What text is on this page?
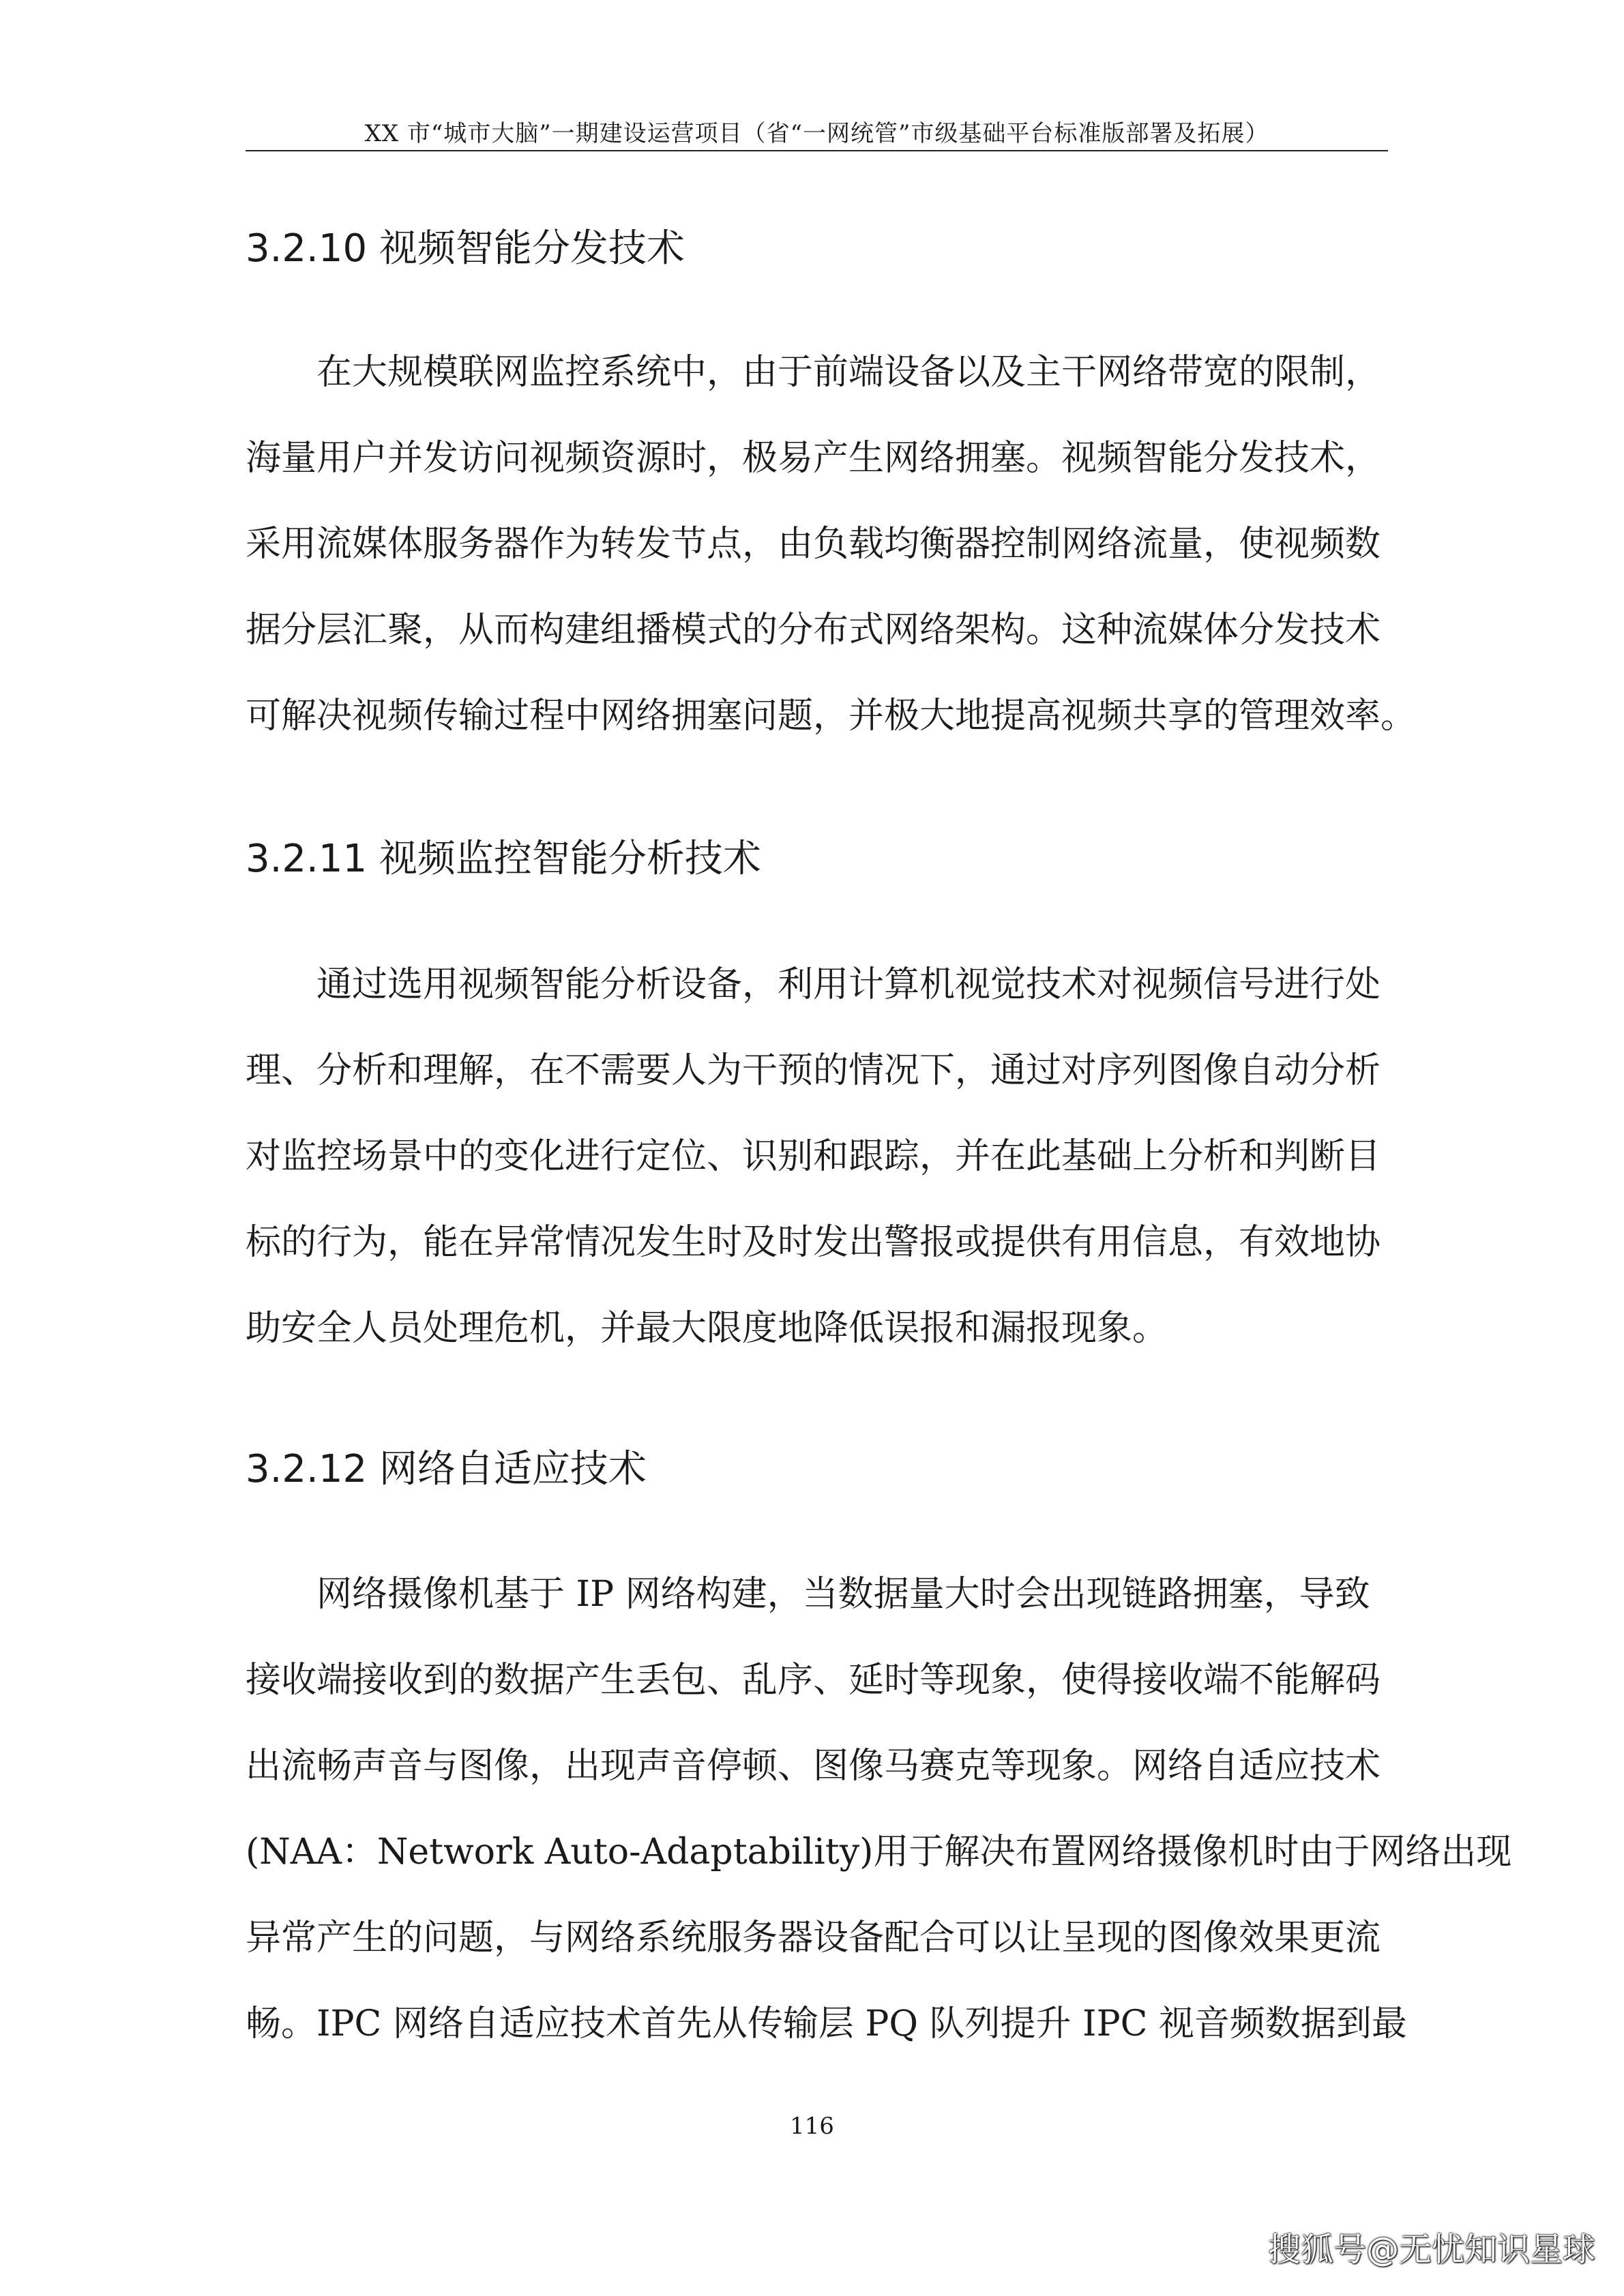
XX 市“城市大脑”一期建设运营项目（省“一网统管”市级基础平台标准版部署及拓展）
3.2.10 视频智能分发技术
在大规模联网监控系统中，由于前端设备以及主干网络带宽的限制，
海量用户并发访问视频资源时，极易产生网络拥塞。视频智能分发技术，
采用流媒体服务器作为转发节点，由负载均衡器控制网络流量，使视频数
据分层汇聚，从而构建组播模式的分布式网络架构。这种流媒体分发技术
可解决视频传输过程中网络拥塞问题，并极大地提高视频共享的管理效率。
3.2.11 视频监控智能分析技术
通过选用视频智能分析设备，利用计算机视觉技术对视频信号进行处
理、分析和理解，在不需要人为干预的情况下，通过对序列图像自动分析
对监控场景中的变化进行定位、识别和跟踪，并在此基础上分析和判断目
标的行为，能在异常情况发生时及时发出警报或提供有用信息，有效地协
助安全人员处理危机，并最大限度地降低误报和漏报现象。
3.2.12 网络自适应技术
网络摄像机基于 IP 网络构建，当数据量大时会出现链路拥塞，导致
接收端接收到的数据产生丢包、乱序、延时等现象，使得接收端不能解码
出流畅声音与图像，出现声音停顿、图像马赛克等现象。网络自适应技术
(NAA：Network Auto-Adaptability)用于解决布置网络摄像机时由于网络出现
异常产生的问题，与网络系统服务器设备配合可以让呈现的图像效果更流
畅。IPC 网络自适应技术首先从传输层 PQ 队列提升 IPC 视音频数据到最
116
搜狐号@无忧知识星球
